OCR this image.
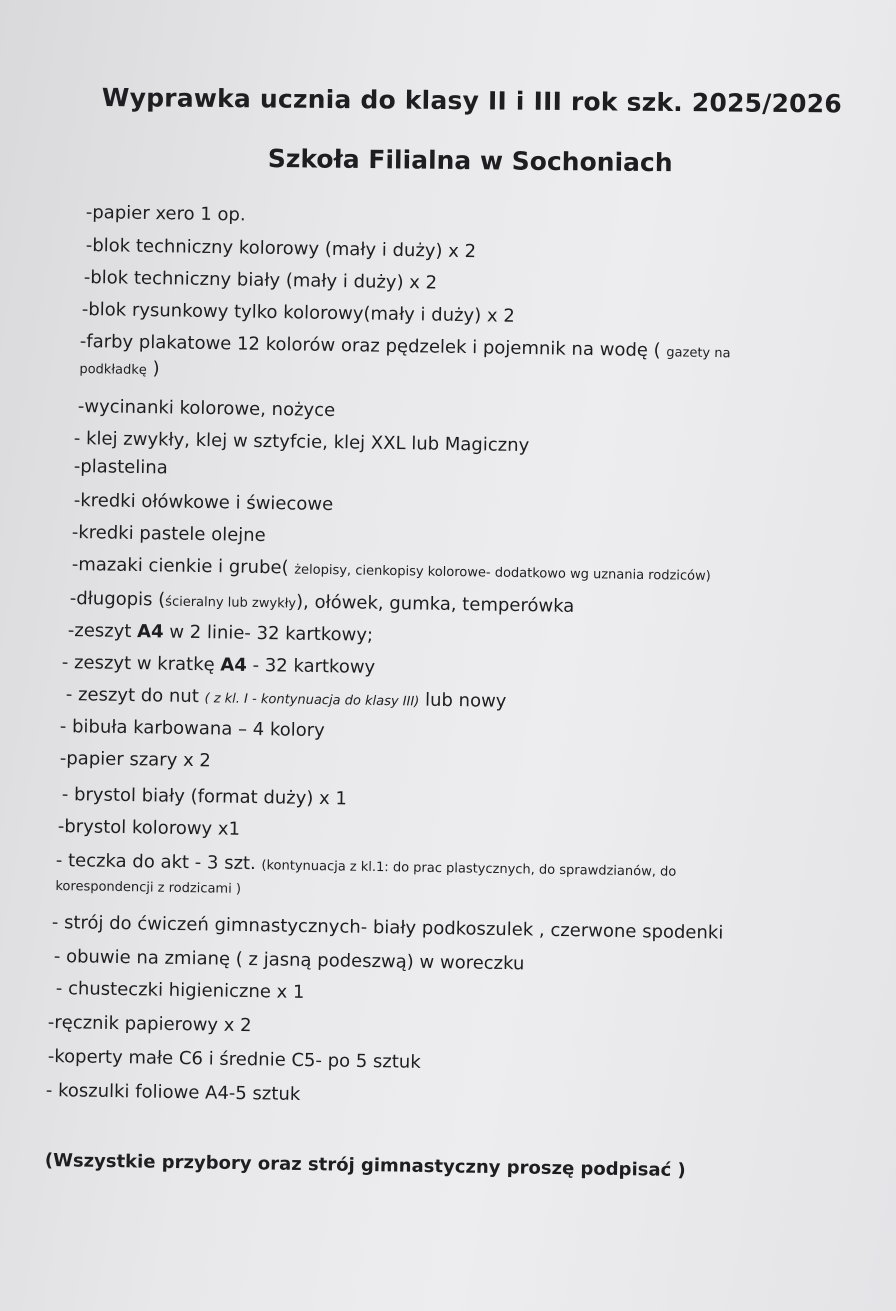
Wyprawka ucznia do klasy II i III rok szk. 2025/2026
Szkoła Filialna w Sochoniach
-papier xero 1 op.
-blok techniczny kolorowy (mały i duży) x 2
-blok techniczny biały (mały i duży) x 2
-blok rysunkowy tylko kolorowy(mały i duży) x 2
-farby plakatowe 12 kolorów oraz pędzelek i pojemnik na wodę ( gazety na
podkładkę )
-wycinanki kolorowe, nożyce
- klej zwykły, klej w sztyfcie, klej XXL lub Magiczny
-plastelina
-kredki ołówkowe i świecowe
-kredki pastele olejne
-mazaki cienkie i grube( żelopisy, cienkopisy kolorowe- dodatkowo wg uznania rodziców)
-długopis (ścieralny lub zwykły), ołówek, gumka, temperówka
-zeszyt A4 w 2 linie- 32 kartkowy;
- zeszyt w kratkę A4 - 32 kartkowy
- zeszyt do nut ( z kl. I - kontynuacja do klasy III) lub nowy
- bibuła karbowana – 4 kolory
-papier szary x 2
- brystol biały (format duży) x 1
-brystol kolorowy x1
- teczka do akt - 3 szt. (kontynuacja z kl.1: do prac plastycznych, do sprawdzianów, do
korespondencji z rodzicami )
- strój do ćwiczeń gimnastycznych- biały podkoszulek , czerwone spodenki
- obuwie na zmianę ( z jasną podeszwą) w woreczku
- chusteczki higieniczne x 1
-ręcznik papierowy x 2
-koperty małe C6 i średnie C5- po 5 sztuk
- koszulki foliowe A4-5 sztuk
(Wszystkie przybory oraz strój gimnastyczny proszę podpisać )
